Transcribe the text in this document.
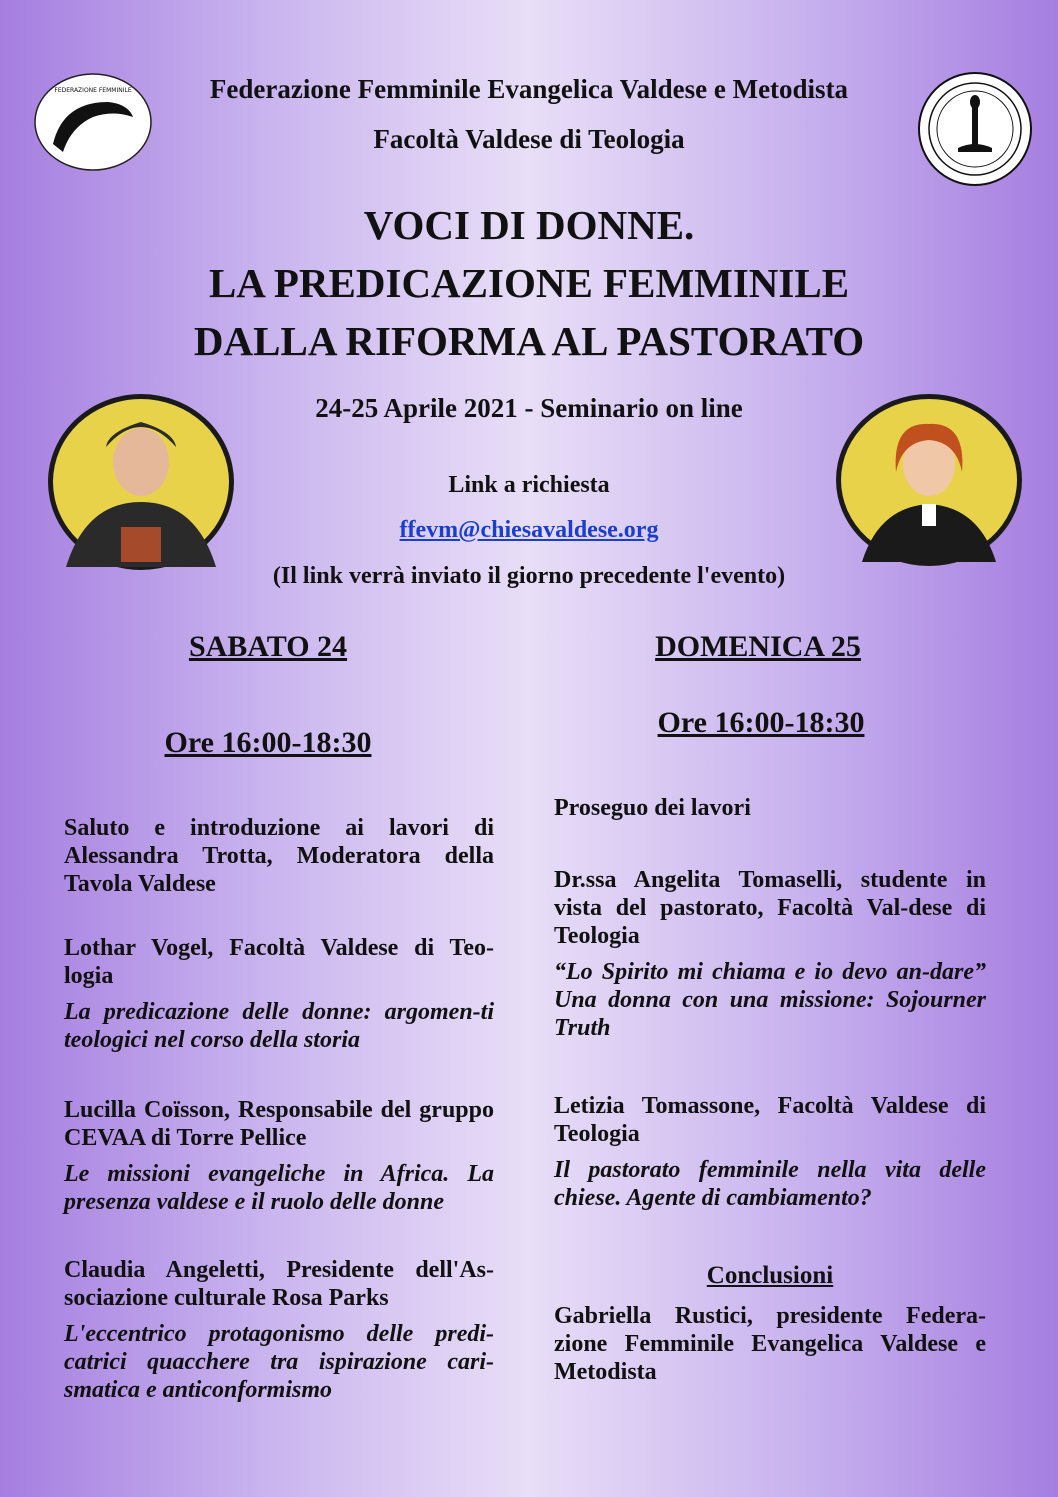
FEDERAZIONE FEMMINILE	Federazione Femminile Evangelica Valdese e Metodista
Facoltà Valdese di Teologia
VOCI DI DONNE.
LA PREDICAZIONE FEMMINILE
DALLA RIFORMA AL PASTORATO
24-25 Aprile 2021 - Seminario on line
Link a richiesta
ffevm@chiesavaldese.org
(Il link verrà inviato il giorno precedente l'evento)
SABATO 24
Ore 16:00-18:30
Saluto e introduzione ai lavori di Alessandra Trotta, Moderatora della Tavola Valdese
Lothar Vogel, Facoltà Valdese di Teo-logia
La predicazione delle donne: argomen-ti teologici nel corso della storia
Lucilla Coïsson, Responsabile del gruppo CEVAA di Torre Pellice
Le missioni evangeliche in Africa. La presenza valdese e il ruolo delle donne
Claudia Angeletti, Presidente dell'As-sociazione culturale Rosa Parks
L'eccentrico protagonismo delle predi-catrici quacchere tra ispirazione cari-smatica e anticonformismo
DOMENICA 25
Ore 16:00-18:30
Proseguo dei lavori
Dr.ssa Angelita Tomaselli, studente in vista del pastorato, Facoltà Val-dese di Teologia
“Lo Spirito mi chiama e io devo an-dare” Una donna con una missione: Sojourner Truth
Letizia Tomassone, Facoltà Valdese di Teologia
Il pastorato femminile nella vita delle chiese. Agente di cambiamento?
Conclusioni
Gabriella Rustici, presidente Federa-zione Femminile Evangelica Valdese e Metodista
